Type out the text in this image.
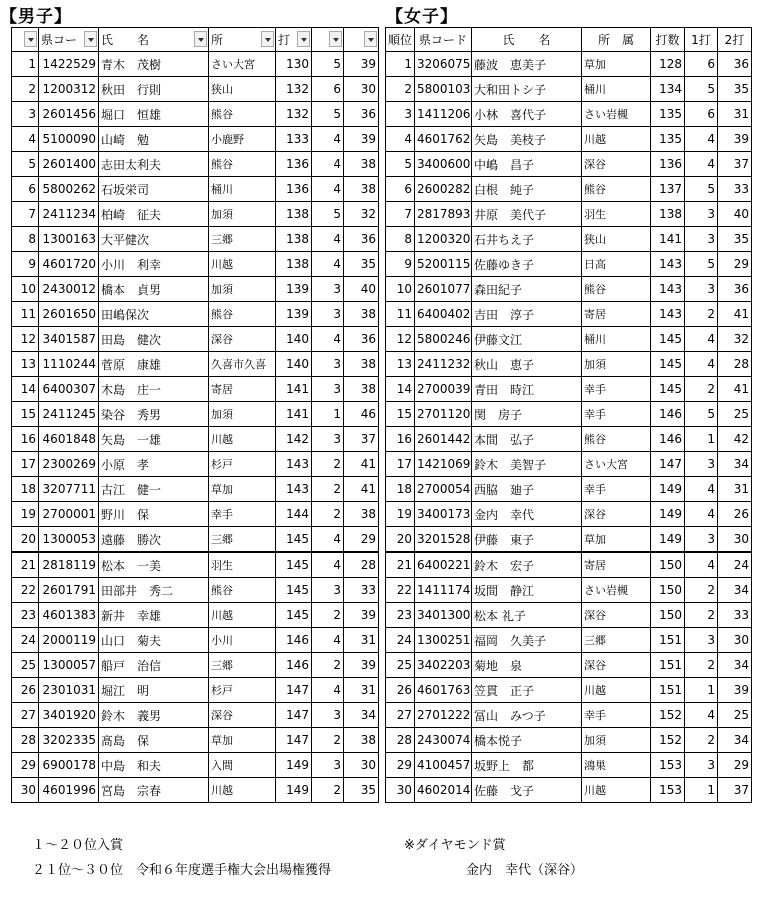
【男子】	【女子】
	県コー	氏　　名	所	打

1	1422529	青木　茂樹	さい大宮	130	5	39
2	1200312	秋田　行則	狭山	132	6	30
3	2601456	堀口　恒雄	熊谷	132	5	36
4	5100090	山崎　勉	小鹿野	133	4	39
5	2601400	志田太利夫	熊谷	136	4	38
6	5800262	石坂栄司	桶川	136	4	38
7	2411234	柏崎　征夫	加須	138	5	32
8	1300163	大平健次	三郷	138	4	36
9	4601720	小川　利幸	川越	138	4	35
10	2430012	橋本　貞男	加須	139	3	40
11	2601650	田嶋保次	熊谷	139	3	38
12	3401587	田島　健次	深谷	140	4	36
13	1110244	菅原　康雄	久喜市久喜	140	3	38
14	6400307	木島　庄一	寄居	141	3	38
15	2411245	染谷　秀男	加須	141	1	46
16	4601848	矢島　一雄	川越	142	3	37
17	2300269	小原　孝	杉戸	143	2	41
18	3207711	古江　健一	草加	143	2	41
19	2700001	野川　保	幸手	144	2	38
20	1300053	遠藤　勝次	三郷	145	4	29
21	2818119	松本　一美	羽生	145	4	28
22	2601791	田部井　秀二	熊谷	145	3	33
23	4601383	新井　幸雄	川越	145	2	39
24	2000119	山口　菊夫	小川	146	4	31
25	1300057	船戸　治信	三郷	146	2	39
26	2301031	堀江　明	杉戸	147	4	31
27	3401920	鈴木　義男	深谷	147	3	34
28	3202335	髙島　保	草加	147	2	38
29	6900178	中島　和夫	入間	149	3	30
30	4601996	宮島　宗春	川越	149	2	35
順位	県コード	氏　　名	所　属	打数	1打	2打
1	3206075	藤波　恵美子	草加	128	6	36
2	5800103	大和田トシ子	桶川	134	5	35
3	1411206	小林　喜代子	さい岩槻	135	6	31
4	4601762	矢島　美枝子	川越	135	4	39
5	3400600	中嶋　昌子	深谷	136	4	37
6	2600282	白根　純子	熊谷	137	5	33
7	2817893	井原　美代子	羽生	138	3	40
8	1200320	石井ちえ子	狭山	141	3	35
9	5200115	佐藤ゆき子	日高	143	5	29
10	2601077	森田紀子	熊谷	143	3	36
11	6400402	吉田　淳子	寄居	143	2	41
12	5800246	伊藤文江	桶川	145	4	32
13	2411232	秋山　恵子	加須	145	4	28
14	2700039	青田　時江	幸手	145	2	41
15	2701120	関　房子	幸手	146	5	25
16	2601442	本間　弘子	熊谷	146	1	42
17	1421069	鈴木　美智子	さい大宮	147	3	34
18	2700054	西脇　廸子	幸手	149	4	31
19	3400173	金内　幸代	深谷	149	4	26
20	3201528	伊藤　東子	草加	149	3	30
21	6400221	鈴木　宏子	寄居	150	4	24
22	1411174	坂間　静江	さい岩槻	150	2	34
23	3401300	松本 礼子	深谷	150	2	33
24	1300251	福岡　久美子	三郷	151	3	30
25	3402203	菊地　泉	深谷	151	2	34
26	4601763	笠貫　正子	川越	151	1	39
27	2701222	冨山　みつ子	幸手	152	4	25
28	2430074	橋本悦子	加須	152	2	34
29	4100457	坂野上　都	鴻巣	153	3	29
30	4602014	佐藤　戈子	川越	153	1	37
１～２０位入賞
２１位～３０位　令和６年度選手権大会出場権獲得
※ダイヤモンド賞
金内　幸代（深谷）
